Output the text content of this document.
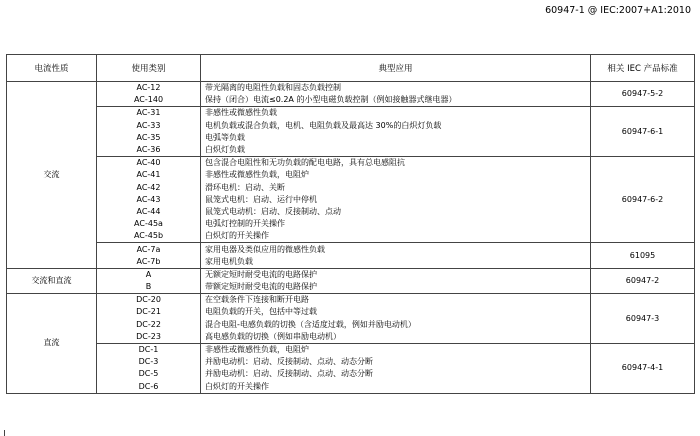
60947-1 @ IEC:2007+A1:2010
电流性质	使用类别	典型应用	相关 IEC 产品标准
交流	AC-12	带光隔离的电阻性负载和固态负载控制	60947-5-2
	AC-140	保持（闭合）电流≤0.2A 的小型电磁负载控制（例如接触器式继电器）	
	AC-31	非感性或微感性负载	60947-6-1
	AC-33	电机负载或混合负载，电机、电阻负载及最高达 30%的白炽灯负载	
	AC-35	电弧等负载	
	AC-36	白炽灯负载	
	AC-40	包含混合电阻性和无功负载的配电电路，具有总电感阻抗	60947-6-2
	AC-41	非感性或微感性负载，电阻炉	
	AC-42	滑环电机：启动、关断	
	AC-43	鼠笼式电机：启动、运行中停机	
	AC-44	鼠笼式电动机：启动、反接制动、点动	
	AC-45a	电弧灯控制的开关操作	
	AC-45b	白炽灯的开关操作	
	AC-7a	家用电器及类似应用的微感性负载	61095
	AC-7b	家用电机负载	
交流和直流	A	无额定短时耐受电流的电路保护	60947-2
	B	带额定短时耐受电流的电路保护	
直流	DC-20	在空载条件下连接和断开电路	60947-3
	DC-21	电阻负载的开关，包括中等过载	
	DC-22	混合电阻-电感负载的切换（含适度过载，例如并励电动机）	
	DC-23	高电感负载的切换（例如串励电动机）	
	DC-1	非感性或微感性负载，电阻炉	60947-4-1
	DC-3	并励电动机：启动、反接制动、点动、动态分断	
	DC-5	并励电动机：启动、反接制动、点动、动态分断	
	DC-6	白炽灯的开关操作	
